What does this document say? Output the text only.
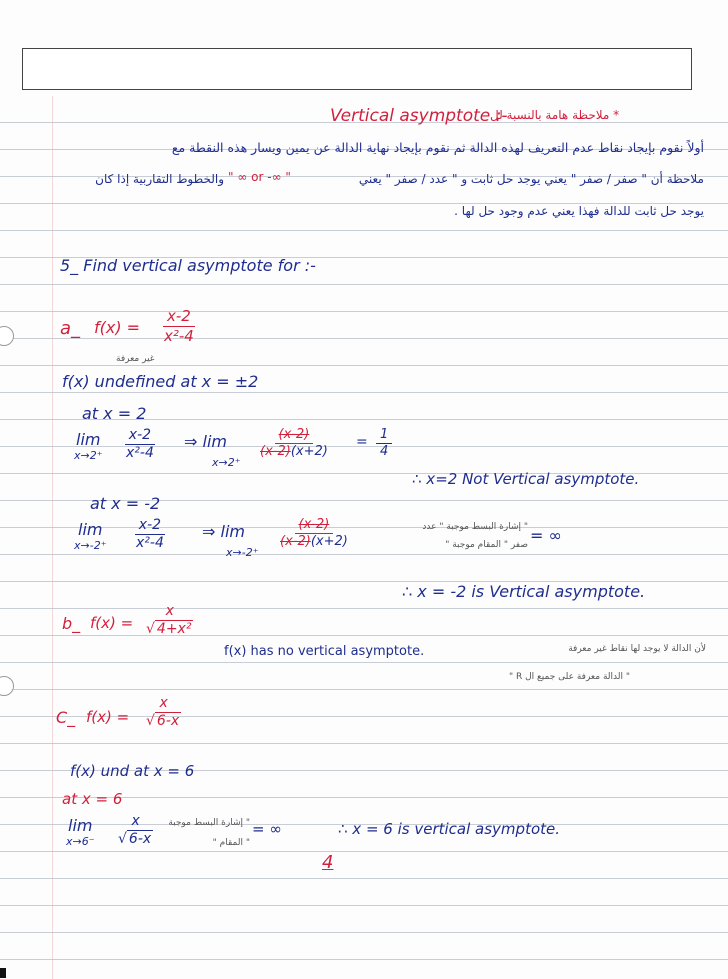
* ملاحظة هامة بالنسبة لل
Vertical asymptote :-
أولاً نقوم بإيجاد نقاط عدم التعريف لهذه الدالة ثم نقوم بإيجاد نهاية الدالة عن يمين ويسار هذه النقطة مع
ملاحظة أن " صفر / صفر " يعني يوجد حل ثابت و " عدد / صفر " يعني
" ∞ or -∞ "
والخطوط التقاربية إذا كان
يوجد حل ثابت للدالة فهذا يعني عدم وجود حل لها .
5_ Find vertical asymptote for :-
a_ $f(x) = \frac{x-2}{\text{x²-4}}$
غير معرفة
f(x) undefined at x = ±2
at x = 2
lim
$x\to 2^+ \frac{x-2}{\text{x²-4}}$ ⇒ lim
x→2⁺
$\frac{(x-2)}{(x-2)(x+2)} = \frac{1}{4}$
∴ x=2 Not Vertical asymptote.
at x = -2
lim
$x\to-2^+ \frac{x-2}{\text{x²-4}}$ ⇒ lim
x→-2⁺
$\frac{(x-2)}{(x-2)(x+2)}$	" إشارة البسط موجبة " عدد
صفر " المقام موجبة " = ∞
∴ x = -2 is Vertical asymptote.
b_ $f(x) = \frac{x}{\text{√ 4+x²}}$
f(x) has no vertical asymptote.	لأن الدالة لا يوجد لها نقاط غير معرفة
" الدالة معرفة على جميع ال R "
C_ $f(x) = \frac{x}{√ 6-x}$
f(x) und at x = 6
at x = 6
lim
$x\to 6^- \frac{x}{√ 6-x}$ " إشارة البسط موجبة
" المقام "
= ∞	∴ x = 6 is vertical asymptote.
4
